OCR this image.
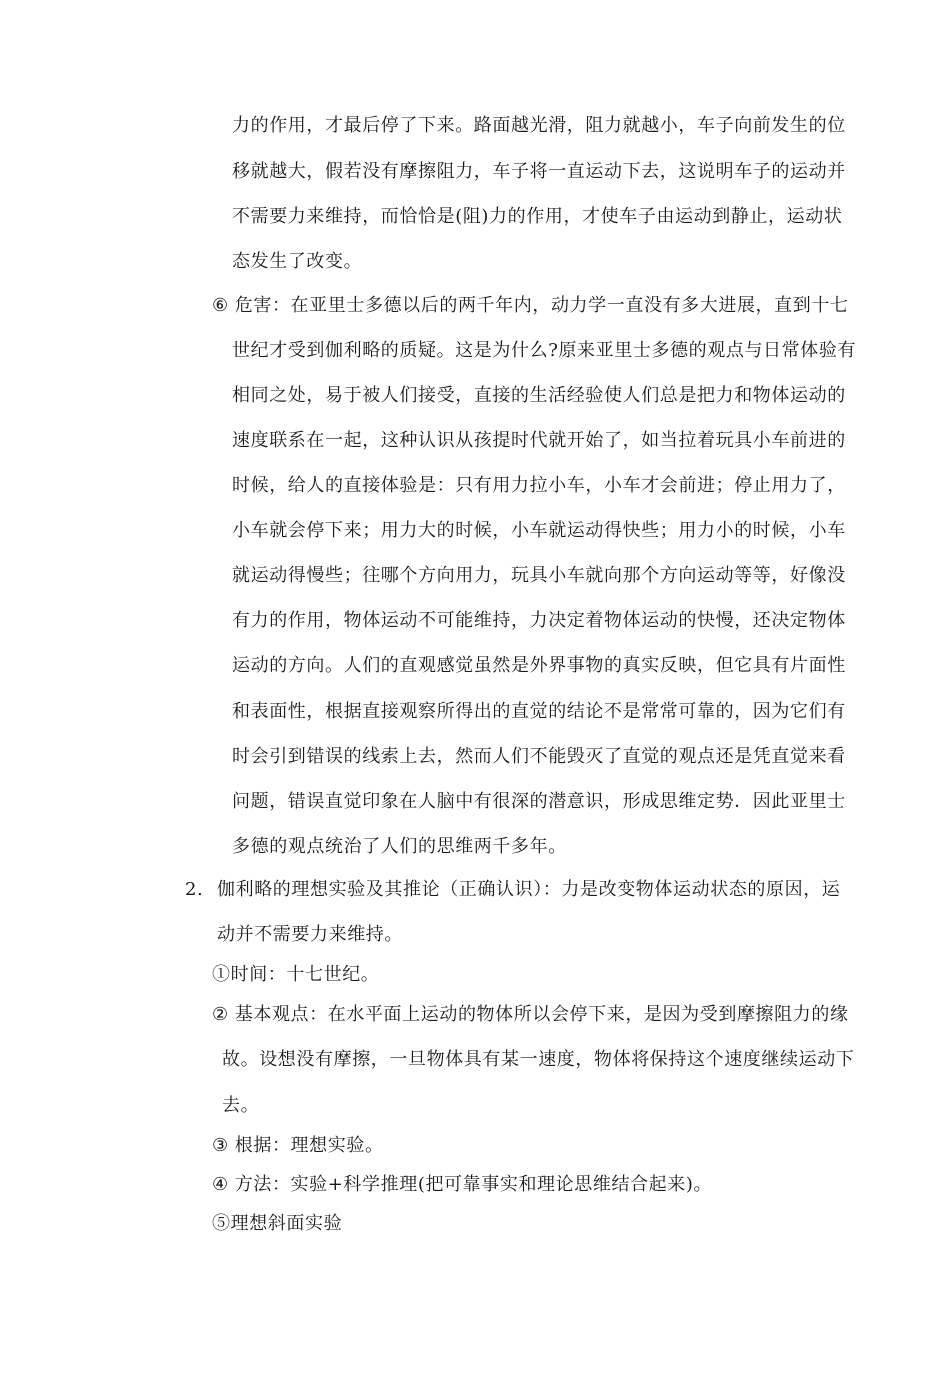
力的作用，才最后停了下来。路面越光滑，阻力就越小，车子向前发生的位
移就越大，假若没有摩擦阻力，车子将一直运动下去，这说明车子的运动并
不需要力来维持，而恰恰是(阻)力的作用，才使车子由运动到静止，运动状
态发生了改变。
⑥ 危害：在亚里士多德以后的两千年内，动力学一直没有多大进展，直到十七
世纪才受到伽利略的质疑。这是为什么?原来亚里士多德的观点与日常体验有
相同之处，易于被人们接受，直接的生活经验使人们总是把力和物体运动的
速度联系在一起，这种认识从孩提时代就开始了，如当拉着玩具小车前进的
时候，给人的直接体验是：只有用力拉小车，小车才会前进；停止用力了，
小车就会停下来；用力大的时候，小车就运动得快些；用力小的时候，小车
就运动得慢些；往哪个方向用力，玩具小车就向那个方向运动等等，好像没
有力的作用，物体运动不可能维持，力决定着物体运动的快慢，还决定物体
运动的方向。人们的直观感觉虽然是外界事物的真实反映，但它具有片面性
和表面性，根据直接观察所得出的直觉的结论不是常常可靠的，因为它们有
时会引到错误的线索上去，然而人们不能毁灭了直觉的观点还是凭直觉来看
问题，错误直觉印象在人脑中有很深的潜意识，形成思维定势．因此亚里士
多德的观点统治了人们的思维两千多年。
2. 伽利略的理想实验及其推论（正确认识）：力是改变物体运动状态的原因，运
动并不需要力来维持。
①时间：十七世纪。
② 基本观点：在水平面上运动的物体所以会停下来，是因为受到摩擦阻力的缘
故。设想没有摩擦，一旦物体具有某一速度，物体将保持这个速度继续运动下
去。
③ 根据：理想实验。
④ 方法：实验+科学推理(把可靠事实和理论思维结合起来)。
⑤理想斜面实验
